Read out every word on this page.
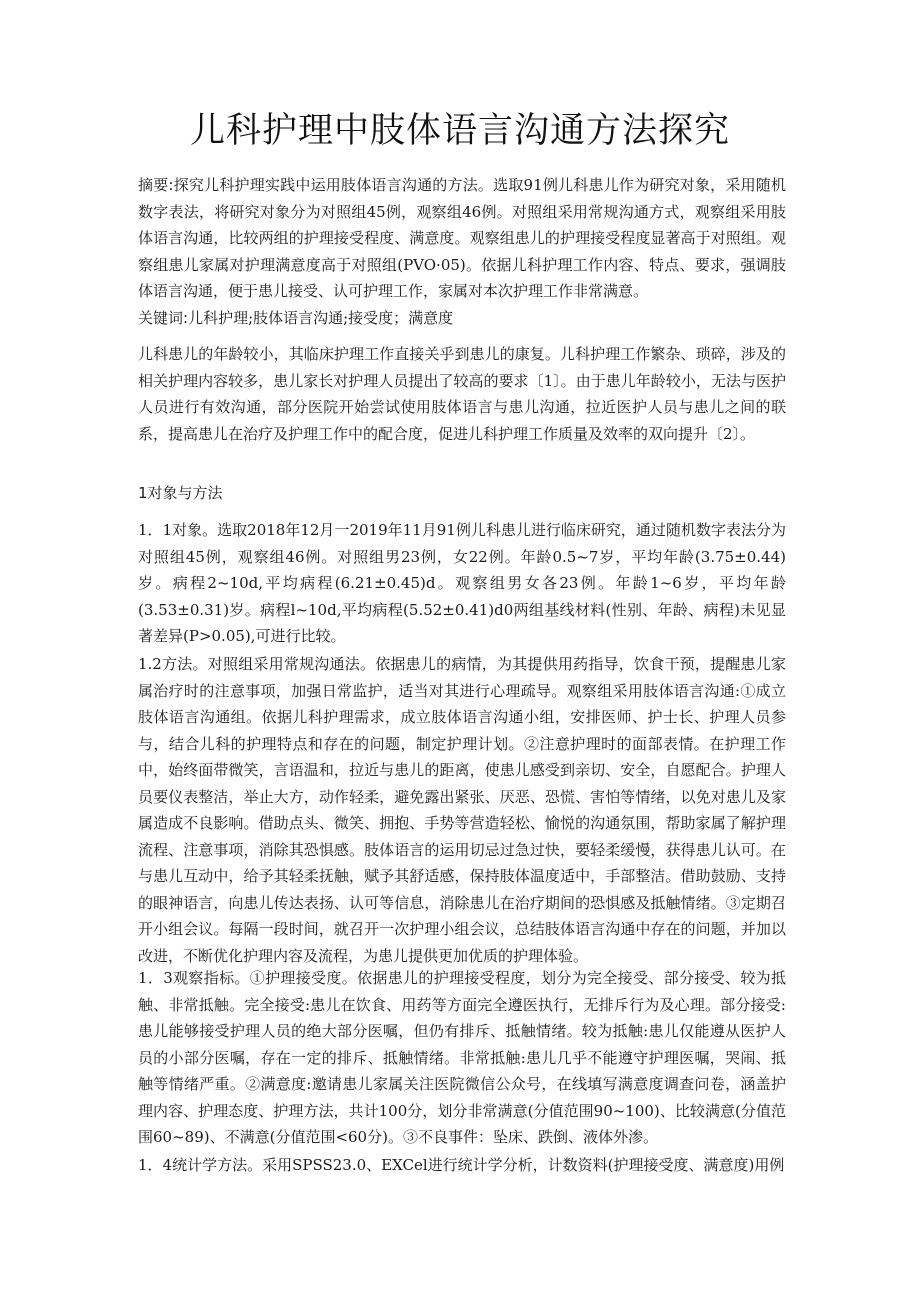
儿科护理中肢体语言沟通方法探究

摘要:探究儿科护理实践中运用肢体语言沟通的方法。选取91例儿科患儿作为研究对象，采用随机数字表法，将研究对象分为对照组45例，观察组46例。对照组采用常规沟通方式，观察组采用肢体语言沟通，比较两组的护理接受程度、满意度。观察组患儿的护理接受程度显著高于对照组。观察组患儿家属对护理满意度高于对照组(PVO·05)。依据儿科护理工作内容、特点、要求，强调肢体语言沟通，便于患儿接受、认可护理工作，家属对本次护理工作非常满意。

关键词:儿科护理;肢体语言沟通;接受度；满意度

儿科患儿的年龄较小，其临床护理工作直接关乎到患儿的康复。儿科护理工作繁杂、琐碎，涉及的相关护理内容较多，患儿家长对护理人员提出了较高的要求〔1〕。由于患儿年龄较小，无法与医护人员进行有效沟通，部分医院开始尝试使用肢体语言与患儿沟通，拉近医护人员与患儿之间的联系，提高患儿在治疗及护理工作中的配合度，促进儿科护理工作质量及效率的双向提升〔2〕。

1对象与方法

1．1对象。选取2018年12月一2019年11月91例儿科患儿进行临床研究，通过随机数字表法分为对照组45例，观察组46例。对照组男23例，女22例。年龄0.5~7岁，平均年龄(3.75±0.44)岁。病程2~10d,平均病程(6.21±0.45)d。观察组男女各23例。年龄1~6岁，平均年龄(3.53±0.31)岁。病程l~10d,平均病程(5.52±0.41)d0两组基线材料(性别、年龄、病程)未见显著差异(P>0.05),可进行比较。

1.2方法。对照组采用常规沟通法。依据患儿的病情，为其提供用药指导，饮食干预，提醒患儿家属治疗时的注意事项，加强日常监护，适当对其进行心理疏导。观察组采用肢体语言沟通:①成立肢体语言沟通组。依据儿科护理需求，成立肢体语言沟通小组，安排医师、护士长、护理人员参与，结合儿科的护理特点和存在的问题，制定护理计划。②注意护理时的面部表情。在护理工作中，始终面带微笑，言语温和，拉近与患儿的距离，使患儿感受到亲切、安全，自愿配合。护理人员要仪表整洁，举止大方，动作轻柔，避免露出紧张、厌恶、恐慌、害怕等情绪，以免对患儿及家属造成不良影响。借助点头、微笑、拥抱、手势等营造轻松、愉悦的沟通氛围，帮助家属了解护理流程、注意事项，消除其恐惧感。肢体语言的运用切忌过急过快，要轻柔缓慢，获得患儿认可。在与患儿互动中，给予其轻柔抚触，赋予其舒适感，保持肢体温度适中，手部整洁。借助鼓励、支持的眼神语言，向患儿传达表扬、认可等信息，消除患儿在治疗期间的恐惧感及抵触情绪。③定期召开小组会议。每隔一段时间，就召开一次护理小组会议，总结肢体语言沟通中存在的问题，并加以改进，不断优化护理内容及流程，为患儿提供更加优质的护理体验。

1．3观察指标。①护理接受度。依据患儿的护理接受程度，划分为完全接受、部分接受、较为抵触、非常抵触。完全接受:患儿在饮食、用药等方面完全遵医执行，无排斥行为及心理。部分接受:患儿能够接受护理人员的绝大部分医嘱，但仍有排斥、抵触情绪。较为抵触:患儿仅能遵从医护人员的小部分医嘱，存在一定的排斥、抵触情绪。非常抵触:患儿几乎不能遵守护理医嘱，哭闹、抵触等情绪严重。②满意度:邀请患儿家属关注医院微信公众号，在线填写满意度调查问卷，涵盖护理内容、护理态度、护理方法，共计100分，划分非常满意(分值范围90~100)、比较满意(分值范围60~89)、不满意(分值范围<60分)。③不良事件：坠床、跌倒、液体外渗。

1．4统计学方法。采用SPSS23.0、EXCel进行统计学分析，计数资料(护理接受度、满意度)用例
